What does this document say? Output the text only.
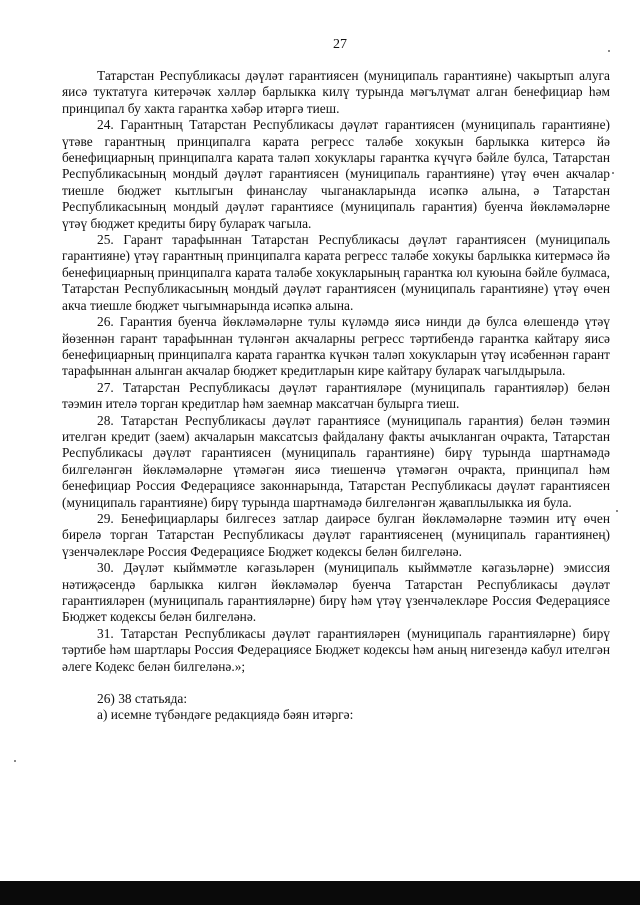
27

Татарстан Республикасы дәүләт гарантиясен (муниципаль гарантияне) чакыртып алуга яисә туктатуга китерәчәк хәлләр барлыкка килү турында мәгълүмат алган бенефициар һәм принципал бу хакта гарантка хәбәр итәргә тиеш.

24. Гарантның Татарстан Республикасы дәүләт гарантиясен (муниципаль гарантияне) үтәве гарантның принципалга карата регресс таләбе хокукын барлыкка китерсә йә бенефициарның принципалга карата таләп хокуклары гарантка күчүгә бәйле булса, Татарстан Республикасының мондый дәүләт гарантиясен (муниципаль гарантияне) үтәү өчен акчалар тиешле бюджет кытлыгын финанслау чыганакларында исәпкә алына, ә Татарстан Республикасының мондый дәүләт гарантиясе (муниципаль гарантия) буенча йөкләмәләрне үтәү бюджет кредиты бирү булараҡ чагыла.

25. Гарант тарафыннан Татарстан Республикасы дәүләт гарантиясен (муниципаль гарантияне) үтәү гарантның принципалга карата регресс таләбе хокукы барлыкка китермәсә йә бенефициарның принципалга карата таләбе хокукларының гарантка юл куюына бәйле булмаса, Татарстан Республикасының мондый дәүләт гарантиясен (муниципаль гарантияне) үтәү өчен акча тиешле бюджет чыгымнарында исәпкә алына.

26. Гарантия буенча йөкләмәләрне тулы күләмдә яисә нинди дә булса өлешендә үтәү йөзеннән гарант тарафыннан түләнгән акчаларны регресс тәртибендә гарантка кайтару яисә бенефициарның принципалга карата гарантка күчкән таләп хокукларын үтәү исәбеннән гарант тарафыннан алынган акчалар бюджет кредитларын кире кайтару булараҡ чагылдырыла.

27. Татарстан Республикасы дәүләт гарантияләре (муниципаль гарантияләр) белән тәэмин ителә торган кредитлар һәм заемнар максатчан булырга тиеш.

28. Татарстан Республикасы дәүләт гарантиясе (муниципаль гарантия) белән тәэмин ителгән кредит (заем) акчаларын максатсыз файдалану факты ачыкланган очракта, Татарстан Республикасы дәүләт гарантиясен (муниципаль гарантияне) бирү турында шартнамәдә билгеләнгән йөкләмәләрне үтәмәгән яисә тиешенчә үтәмәгән очракта, принципал һәм бенефициар Россия Федерациясе законнарында, Татарстан Республикасы дәүләт гарантиясен (муниципаль гарантияне) бирү турында шартнамәдә билгеләнгән җаваплылыкка ия була.

29. Бенефициарлары билгесез затлар даирәсе булган йөкләмәләрне тәэмин итү өчен бирелә торган Татарстан Республикасы дәүләт гарантиясенең (муниципаль гарантиянең) үзенчәлекләре Россия Федерациясе Бюджет кодексы белән билгеләнә.

30. Дәүләт кыйммәтле кәгазьләрен (муниципаль кыйммәтле кәгазьләрне) эмиссия нәтиҗәсендә барлыкка килгән йөкләмәләр буенча Татарстан Республикасы дәүләт гарантияләрен (муниципаль гарантияләрне) бирү һәм үтәү үзенчәлекләре Россия Федерациясе Бюджет кодексы белән билгеләнә.

31. Татарстан Республикасы дәүләт гарантияләрен (муниципаль гарантияләрне) бирү тәртибе һәм шартлары Россия Федерациясе Бюджет кодексы һәм аның нигезендә кабул ителгән әлеге Кодекс белән билгеләнә.»;

26) 38 статьяда:

а) исемне түбәндәге редакциядә бәян итәргә:
